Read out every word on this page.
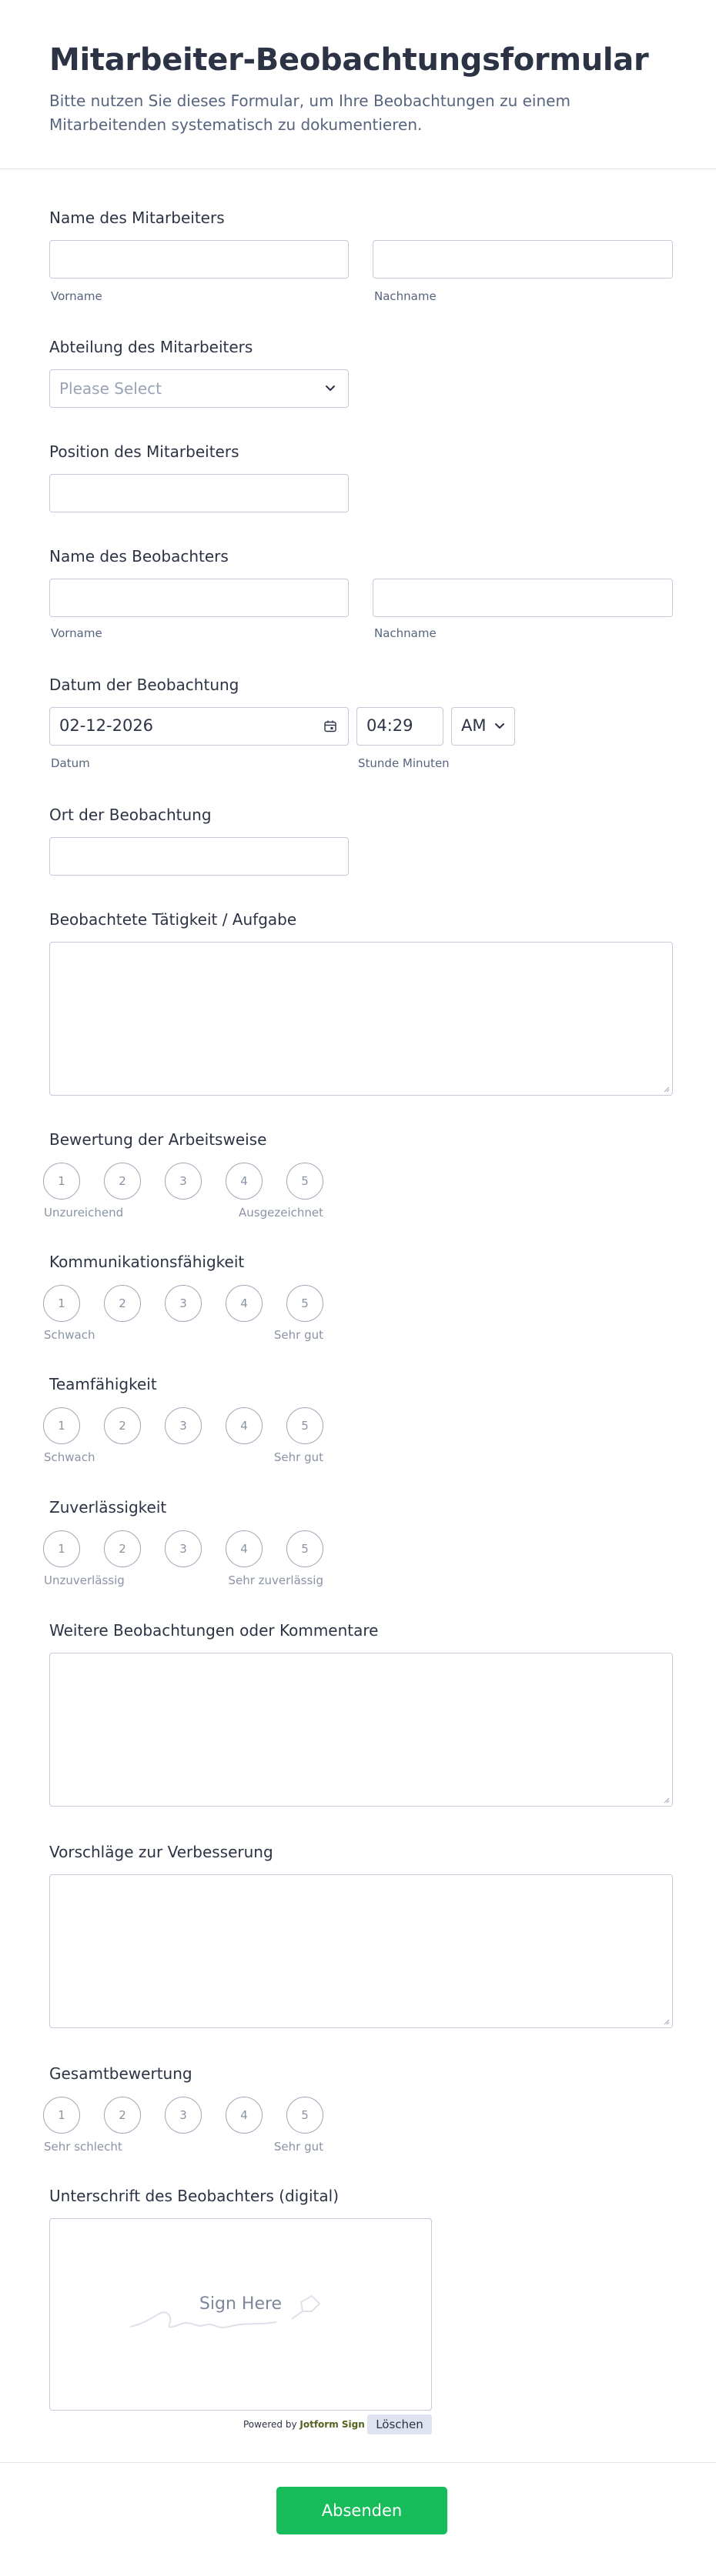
Mitarbeiter-Beobachtungsformular

Bitte nutzen Sie dieses Formular, um Ihre Beobachtungen zu einem Mitarbeitenden systematisch zu dokumentieren.

Name des Mitarbeiters
Vorname	Nachname
Abteilung des Mitarbeiters
Please Select
Position des Mitarbeiters
Name des Beobachters
Vorname	Nachname
Datum der Beobachtung
02-12-2026	04:29	AM
Datum	Stunde Minuten
Ort der Beobachtung
Beobachtete Tätigkeit / Aufgabe
Bewertung der Arbeitsweise
1	2	3	4	5
Unzureichend	Ausgezeichnet
Kommunikationsfähigkeit
1	2	3	4	5
Schwach	Sehr gut
Teamfähigkeit
1	2	3	4	5
Schwach	Sehr gut
Zuverlässigkeit
1	2	3	4	5
Unzuverlässig	Sehr zuverlässig
Weitere Beobachtungen oder Kommentare
Vorschläge zur Verbesserung
Gesamtbewertung
1	2	3	4	5
Sehr schlecht	Sehr gut
Unterschrift des Beobachters (digital)
Sign Here
Powered by Jotform Sign Löschen
Absenden
